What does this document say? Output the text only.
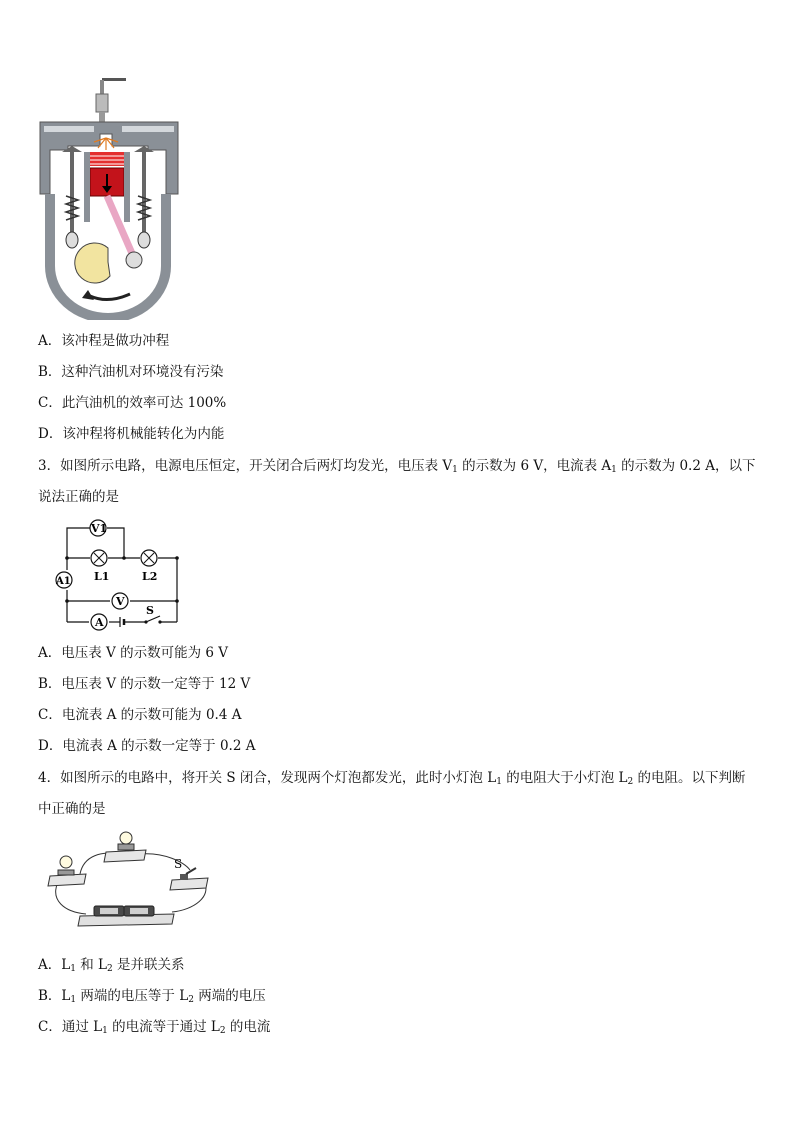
A．该冲程是做功冲程
B．这种汽油机对环境没有污染
C．此汽油机的效率可达 100%
D．该冲程将机械能转化为内能
3．如图所示电路，电源电压恒定，开关闭合后两灯均发光，电压表 $V_1$ 的示数为 6 V，电流表 $A_1$ 的示数为 0.2 A，以下
说法正确的是
V1
L1	L2
A1
V
S
A
A．电压表 V 的示数可能为 6 V
B．电压表 V 的示数一定等于 12 V
C．电流表 A 的示数可能为 0.4 A
D．电流表 A 的示数一定等于 0.2 A
4．如图所示的电路中，将开关 S 闭合，发现两个灯泡都发光，此时小灯泡 $L_1$ 的电阻大于小灯泡 $L_2$ 的电阻。以下判断
中正确的是
S
A．$L_1$ 和 $L_2$ 是并联关系
B．$L_1$ 两端的电压等于 $L_2$ 两端的电压
C．通过 $L_1$ 的电流等于通过 $L_2$ 的电流
